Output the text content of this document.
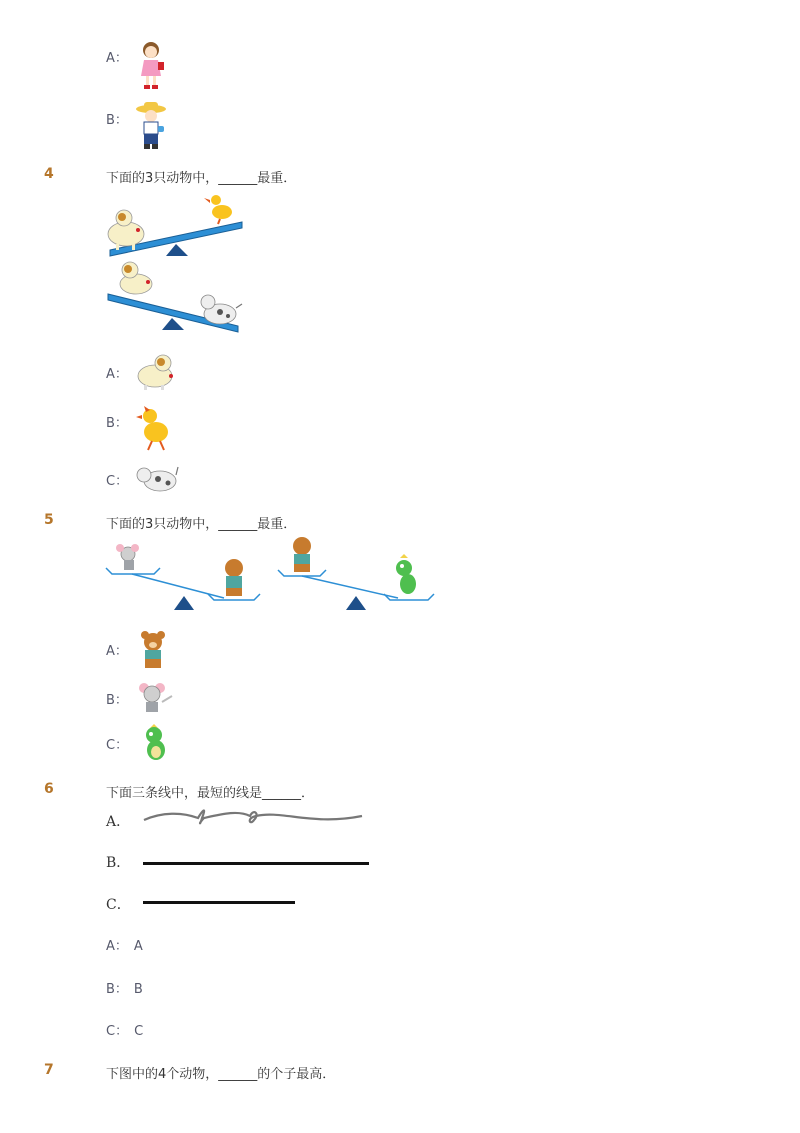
A：
B：
4	下面的3只动物中，______最重．
A：
B：
C：
5	下面的3只动物中，______最重．
A：
B：
C：
6	下面三条线中，最短的线是______．
A．
B．
C．
A： A
B： B
C： C
7	下图中的4个动物，______的个子最高．
